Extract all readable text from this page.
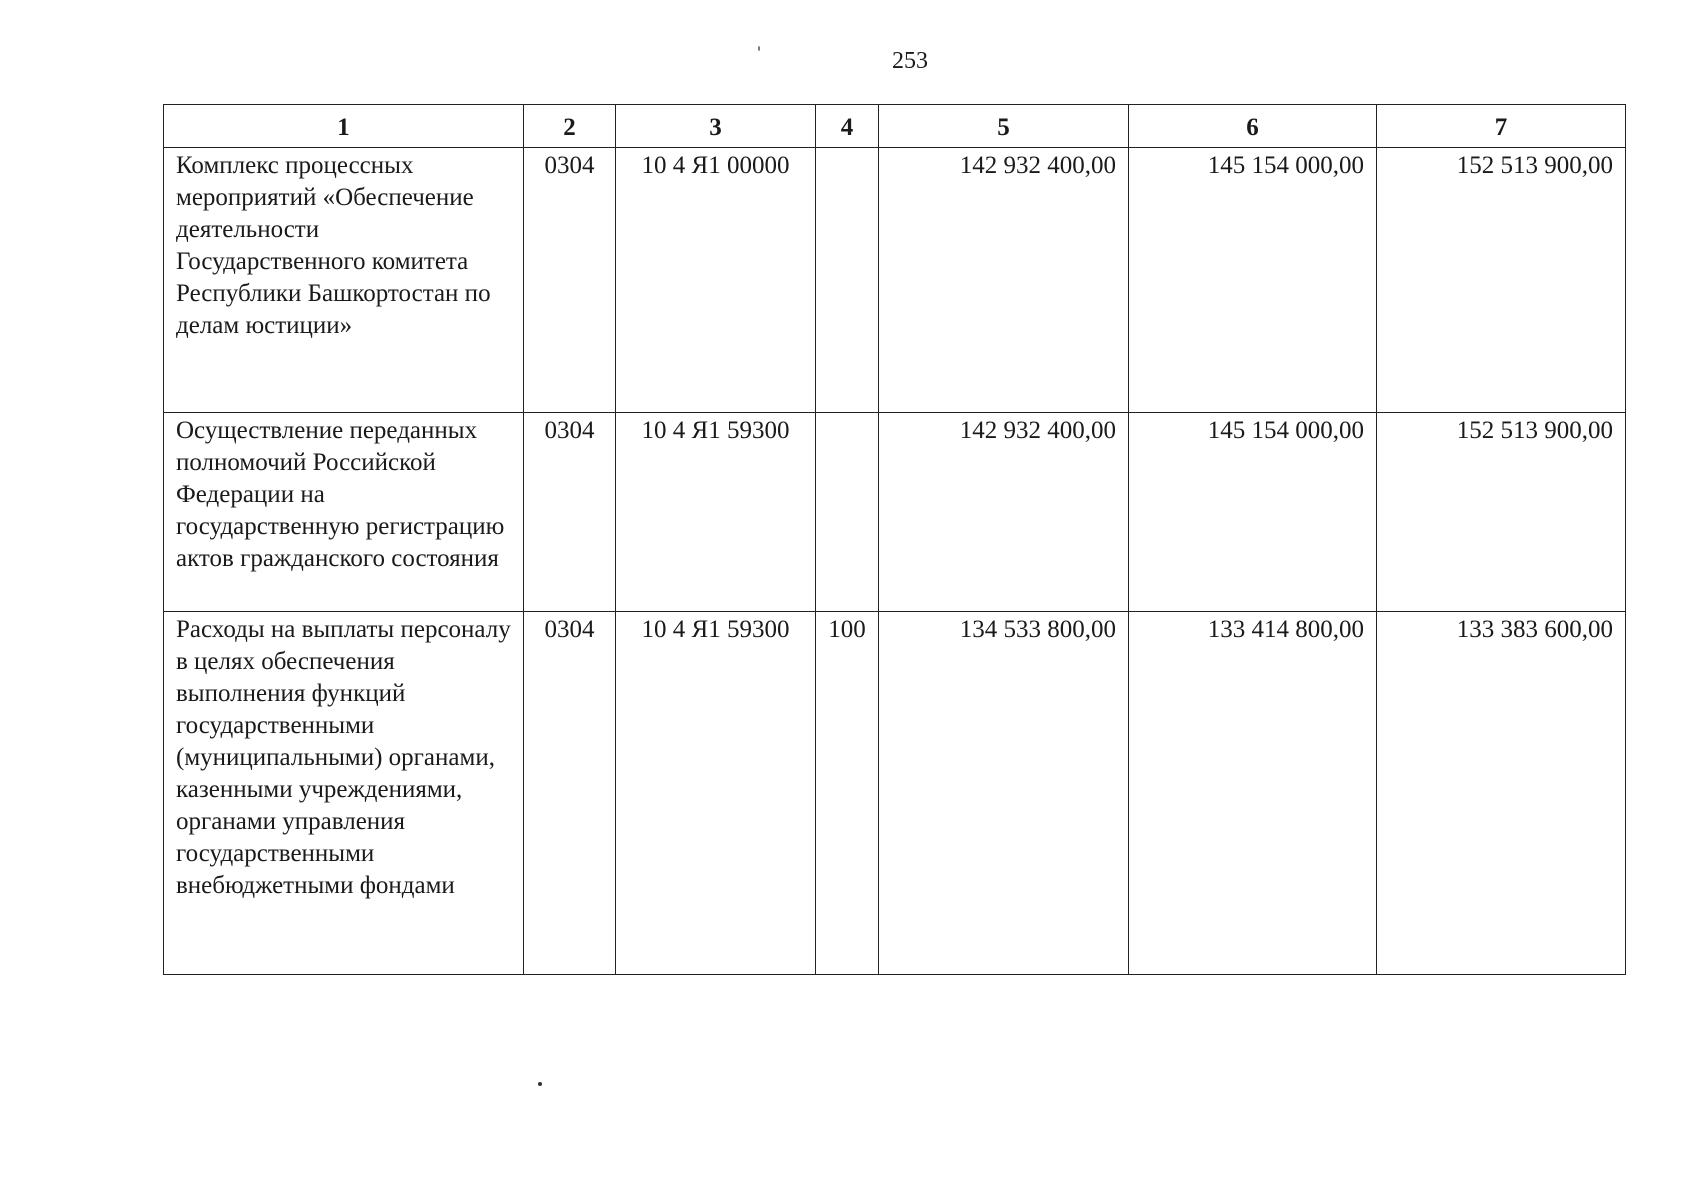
253
1	2	3	4	5	6	7
Комплекс процессных мероприятий «Обеспечение деятельности Государственного комитета Республики Башкортостан по делам юстиции»	0304	10 4 Я1 00000		142 932 400,00	145 154 000,00	152 513 900,00
Осуществление переданных полномочий Российской Федерации на государственную регистрацию актов гражданского состояния	0304	10 4 Я1 59300		142 932 400,00	145 154 000,00	152 513 900,00
Расходы на выплаты персоналу в целях обеспечения выполнения функций государственными (муниципальными) органами, казенными учреждениями, органами управления государственными внебюджетными фондами	0304	10 4 Я1 59300	100	134 533 800,00	133 414 800,00	133 383 600,00
